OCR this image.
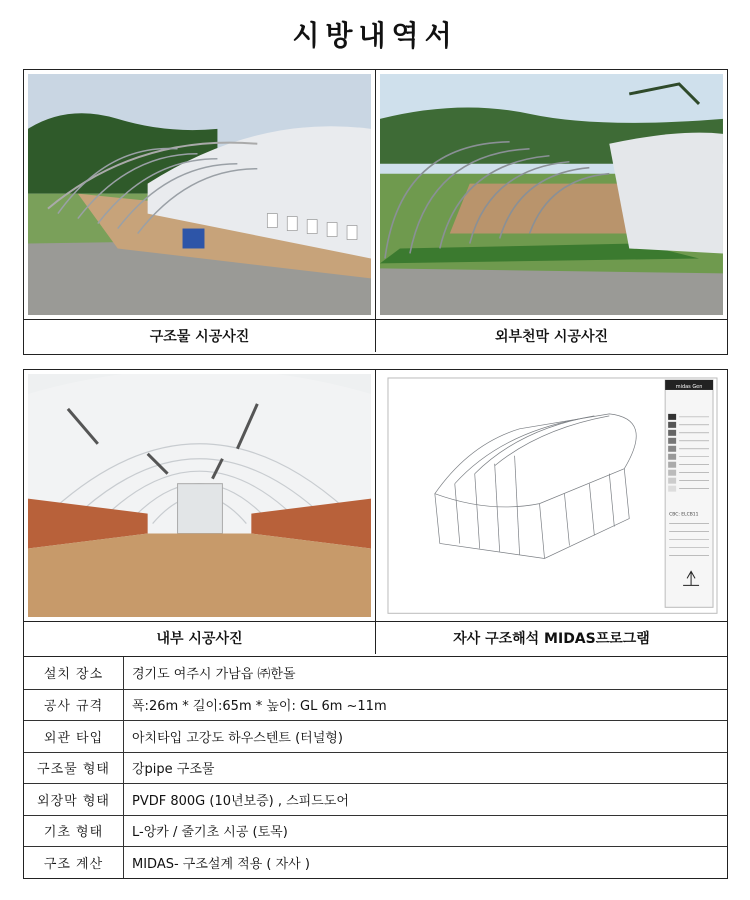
시방내역서
구조물 시공사진	외부천막 시공사진
midas Gen
CBC: ELCB11
내부 시공사진	자사 구조해석 MIDAS프로그램
설치 장소	경기도 여주시 가남읍 ㈜한돌
공사 규격	폭:26m * 길이:65m * 높이: GL 6m ~11m
외관 타입	아치타입 고강도 하우스텐트 (터널형)
구조물 형태	강pipe 구조물
외장막 형태	PVDF 800G (10년보증) , 스피드도어
기초 형태	L-앙카 / 줄기초 시공 (토목)
구조 계산	MIDAS- 구조설계 적용 ( 자사 )
